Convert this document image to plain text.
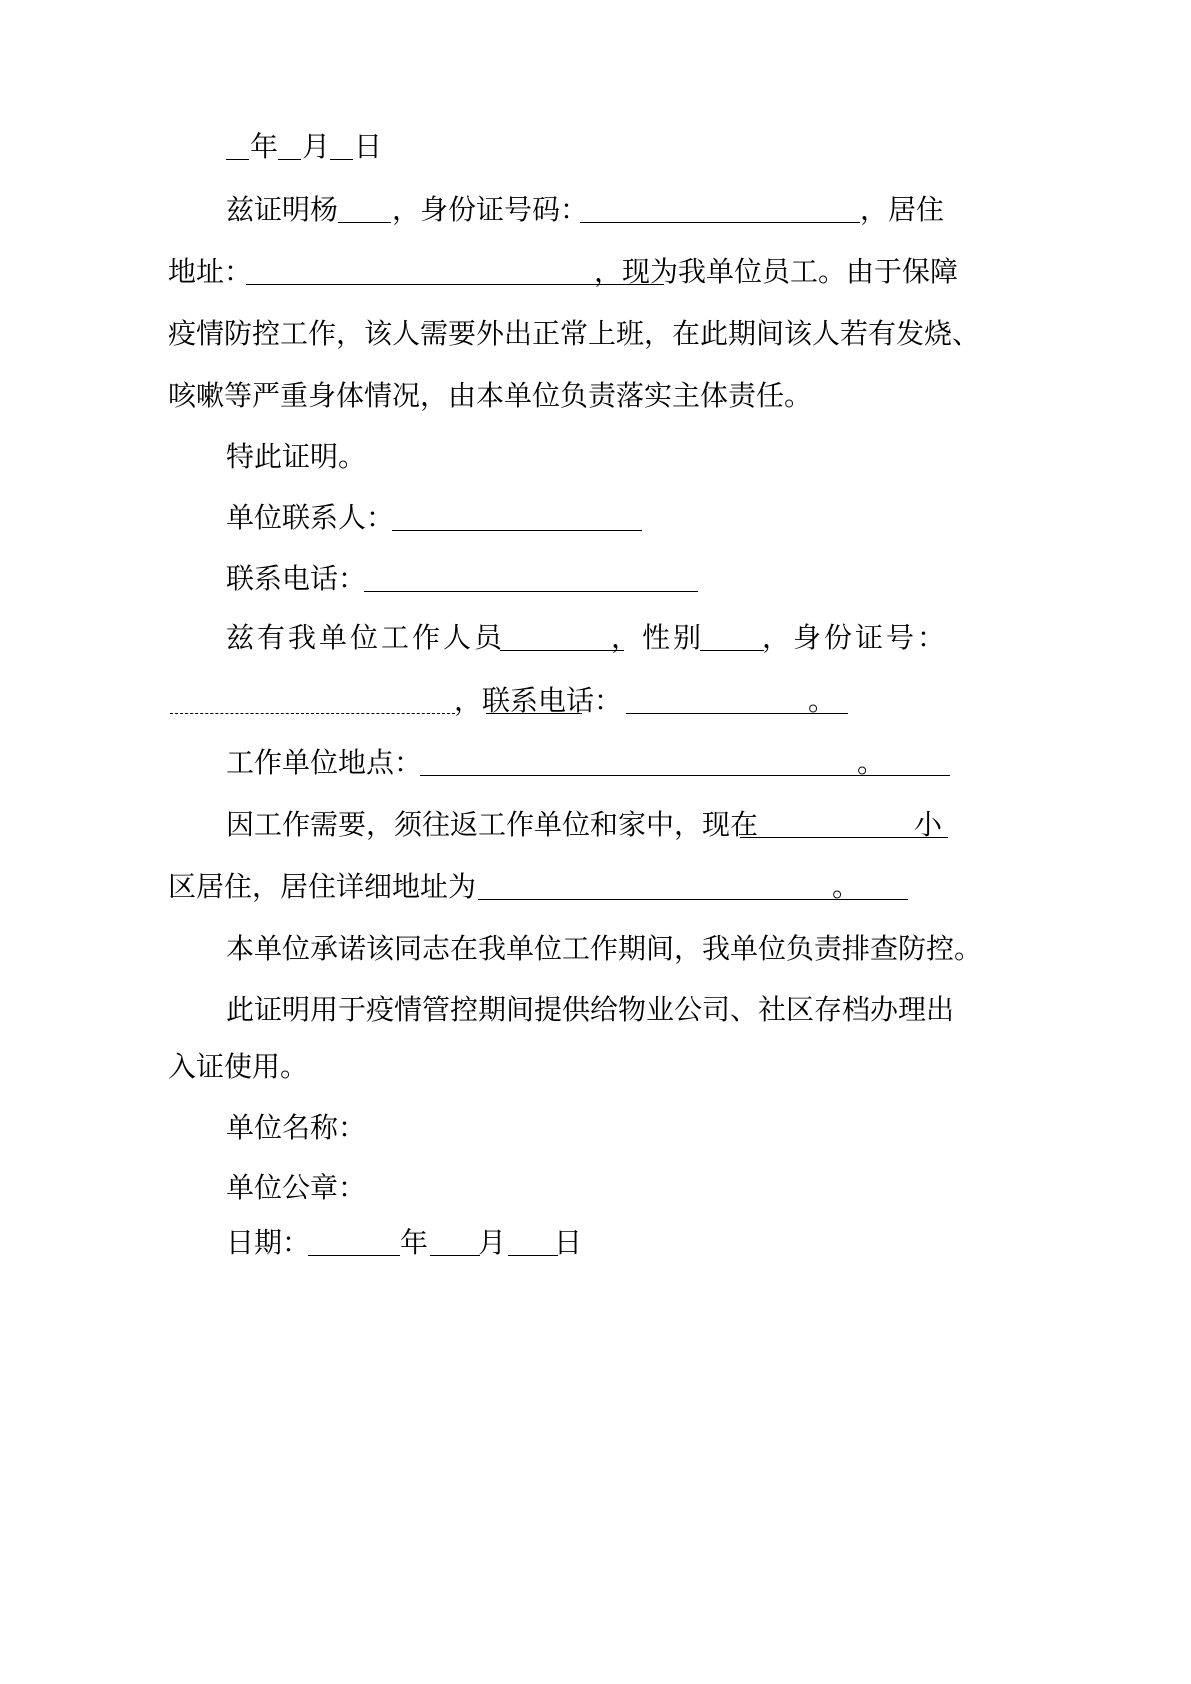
年 月 日
兹证明杨 ，身份证号码：	，居住
地址：	，现为我单位员工。由于保障
疫情防控工作，该人需要外出正常上班，在此期间该人若有发烧、
咳嗽等严重身体情况，由本单位负责落实主体责任。
特此证明。
单位联系人：
联系电话：
兹有我单位工作人员	，性别 ，身份证号：
，联系电话：	。
工作单位地点：	。
因工作需要，须往返工作单位和家中，现在	小
区居住，居住详细地址为	。
本单位承诺该同志在我单位工作期间，我单位负责排查防控。
此证明用于疫情管控期间提供给物业公司、社区存档办理出
入证使用。
单位名称：
单位公章：
日期：	年 月 日
